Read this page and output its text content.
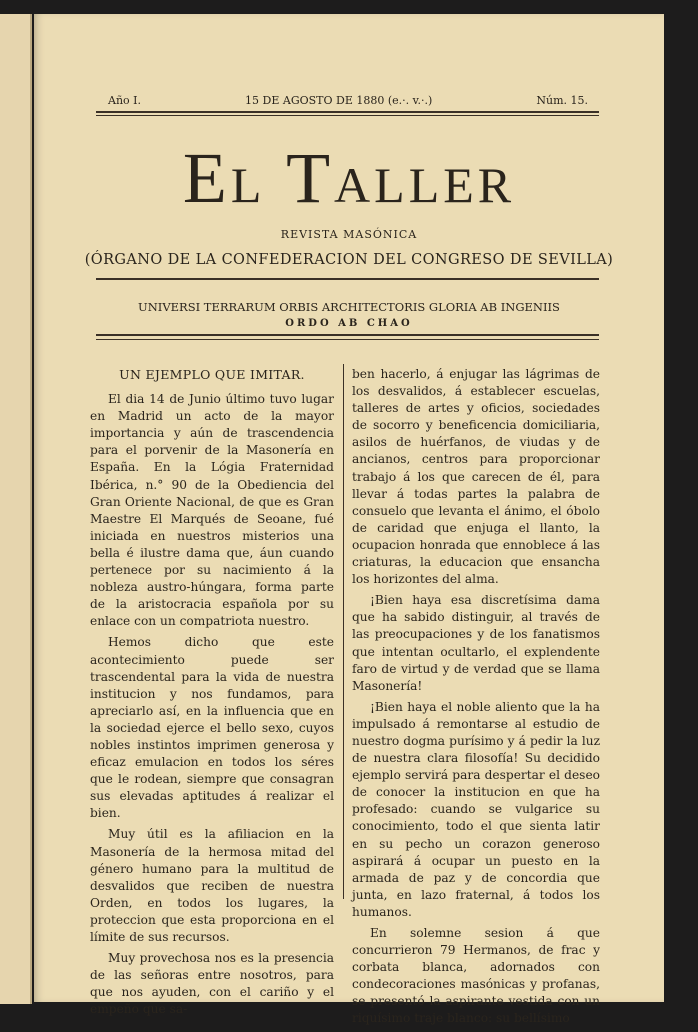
Año I.	15 DE AGOSTO DE 1880 (e.·. v.·.)	Núm. 15.
El Taller
REVISTA MASÓNICA
(ÓRGANO DE LA CONFEDERACION DEL CONGRESO DE SEVILLA)
UNIVERSI TERRARUM ORBIS ARCHITECTORIS GLORIA AB INGENIIS
ORDO AB CHAO
UN EJEMPLO QUE IMITAR.

El dia 14 de Junio último tuvo lugar en Madrid un acto de la mayor importancia y aún de trascendencia para el porvenir de la Masonería en España. En la Lógia Fraternidad Ibérica, n.° 90 de la Obediencia del Gran Oriente Nacional, de que es Gran Maestre El Marqués de Seoane, fué iniciada en nuestros misterios una bella é ilustre dama que, áun cuando pertenece por su nacimiento á la nobleza austro-húngara, forma parte de la aristocracia española por su enlace con un compatriota nuestro.

Hemos dicho que este acontecimiento puede ser trascendental para la vida de nuestra institucion y nos fundamos, para apreciarlo así, en la influencia que en la sociedad ejerce el bello sexo, cuyos nobles instintos imprimen generosa y eficaz emulacion en todos los séres que le rodean, siempre que consagran sus elevadas aptitudes á realizar el bien.

Muy útil es la afiliacion en la Masonería de la hermosa mitad del género humano para la multitud de desvalidos que reciben de nuestra Orden, en todos los lugares, la proteccion que esta proporciona en el límite de sus recursos.

Muy provechosa nos es la presencia de las señoras entre nosotros, para que nos ayuden, con el cariño y el empeño que sa-

ben hacerlo, á enjugar las lágrimas de los desvalidos, á establecer escuelas, talleres de artes y oficios, sociedades de socorro y beneficencia domiciliaria, asilos de huérfanos, de viudas y de ancianos, centros para proporcionar trabajo á los que carecen de él, para llevar á todas partes la palabra de consuelo que levanta el ánimo, el óbolo de caridad que enjuga el llanto, la ocupacion honrada que ennoblece á las criaturas, la educacion que ensancha los horizontes del alma.

¡Bien haya esa discretísima dama que ha sabido distinguir, al través de las preocupaciones y de los fanatismos que intentan ocultarlo, el explendente faro de virtud y de verdad que se llama Masonería!

¡Bien haya el noble aliento que la ha impulsado á remontarse al estudio de nuestro dogma purísimo y á pedir la luz de nuestra clara filosofía! Su decidido ejemplo servirá para despertar el deseo de conocer la institucion en que ha profesado: cuando se vulgarice su conocimiento, todo el que sienta latir en su pecho un corazon generoso aspirará á ocupar un puesto en la armada de paz y de concordia que junta, en lazo fraternal, á todos los humanos.

En solemne sesion á que concurrieron 79 Hermanos, de frac y corbata blanca, adornados con condecoraciones masónicas y profanas, se presentó la aspirante vestida con un riquísimo traje blanco: su bellísimo
